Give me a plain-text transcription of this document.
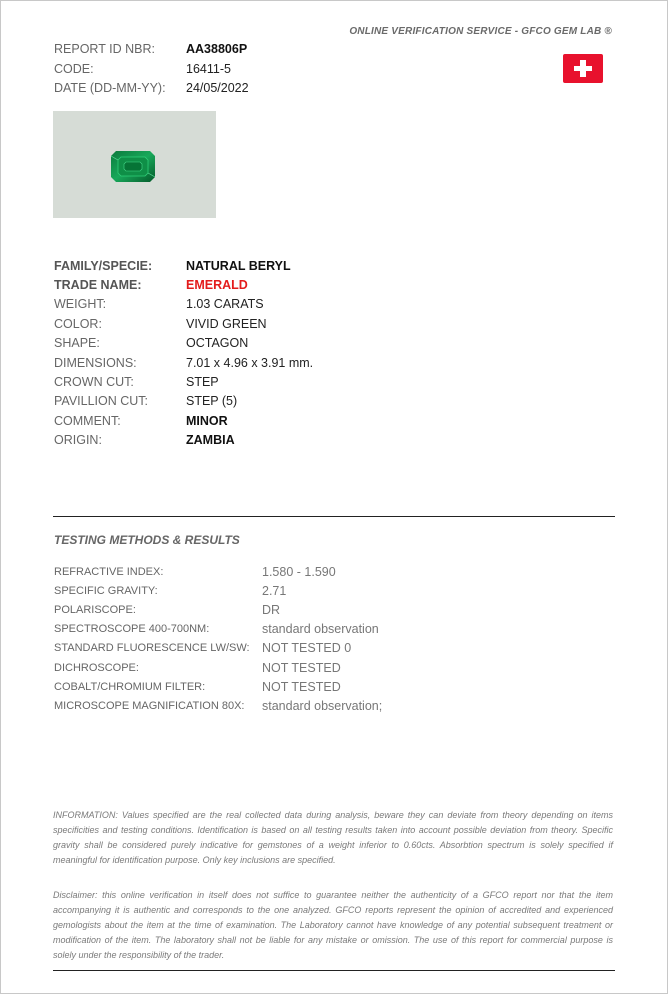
ONLINE VERIFICATION SERVICE - GFCO GEM LAB ®
REPORT ID NBR:	AA38806P
CODE:	16411-5
DATE (DD-MM-YY):	24/05/2022
FAMILY/SPECIE:	NATURAL BERYL
TRADE NAME:	EMERALD
WEIGHT:	1.03 CARATS
COLOR:	VIVID GREEN
SHAPE:	OCTAGON
DIMENSIONS:	7.01 x 4.96 x 3.91 mm.
CROWN CUT:	STEP
PAVILLION CUT:	STEP (5)
COMMENT:	MINOR
ORIGIN:	ZAMBIA
TESTING METHODS & RESULTS
REFRACTIVE INDEX:	1.580 - 1.590
SPECIFIC GRAVITY:	2.71
POLARISCOPE:	DR
SPECTROSCOPE 400-700NM:	standard observation
STANDARD FLUORESCENCE LW/SW: NOT TESTED 0
DICHROSCOPE:	NOT TESTED
COBALT/CHROMIUM FILTER:	NOT TESTED
MICROSCOPE MAGNIFICATION 80X:	standard observation;
INFORMATION: Values specified are the real collected data during analysis, beware they can deviate from theory depending on items specificities and testing conditions. Identification is based on all testing results taken into account possible deviation from theory. Specific gravity shall be considered purely indicative for gemstones of a weight inferior to 0.60cts. Absorbtion spectrum is solely specified if meaningful for identification purpose. Only key inclusions are specified.
Disclaimer: this online verification in itself does not suffice to guarantee neither the authenticity of a GFCO report nor that the item accompanying it is authentic and corresponds to the one analyzed. GFCO reports represent the opinion of accredited and experienced gemologists about the item at the time of examination. The Laboratory cannot have knowledge of any potential subsequent treatment or modification of the item. The laboratory shall not be liable for any mistake or omission. The use of this report for commercial purpose is solely under the responsibility of the trader.
